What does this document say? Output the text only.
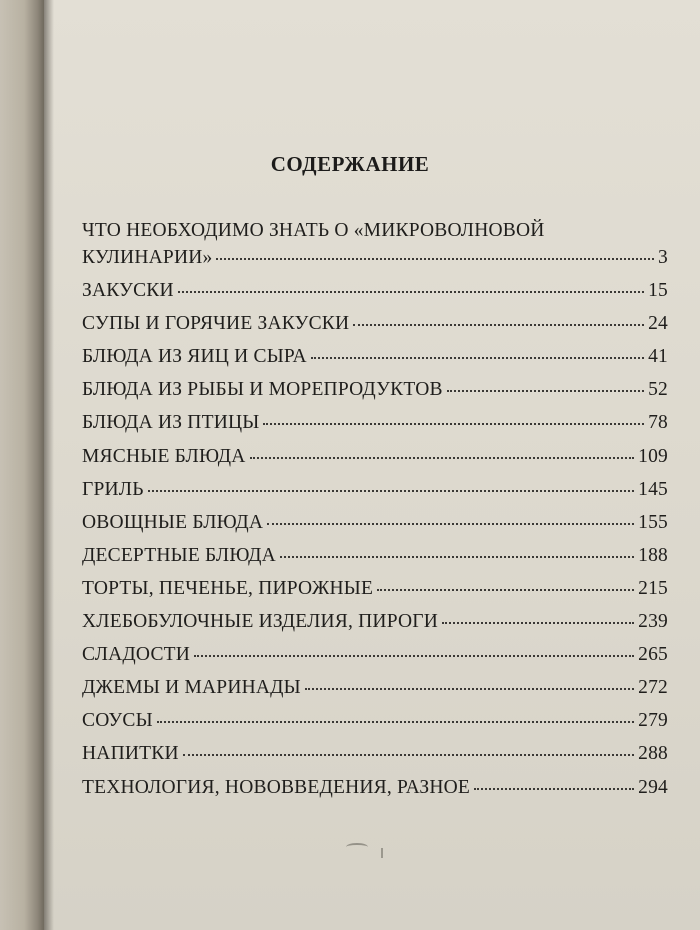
СОДЕРЖАНИЕ
ЧТО НЕОБХОДИМО ЗНАТЬ О «МИКРОВОЛНОВОЙ
КУЛИНАРИИ»	3
ЗАКУСКИ	15
СУПЫ И ГОРЯЧИЕ ЗАКУСКИ	24
БЛЮДА ИЗ ЯИЦ И СЫРА	41
БЛЮДА ИЗ РЫБЫ И МОРЕПРОДУКТОВ	52
БЛЮДА ИЗ ПТИЦЫ	78
МЯСНЫЕ БЛЮДА	109
ГРИЛЬ	145
ОВОЩНЫЕ БЛЮДА	155
ДЕСЕРТНЫЕ БЛЮДА	188
ТОРТЫ, ПЕЧЕНЬЕ, ПИРОЖНЫЕ	215
ХЛЕБОБУЛОЧНЫЕ ИЗДЕЛИЯ, ПИРОГИ	239
СЛАДОСТИ	265
ДЖЕМЫ И МАРИНАДЫ	272
СОУСЫ	279
НАПИТКИ	288
ТЕХНОЛОГИЯ, НОВОВВЕДЕНИЯ, РАЗНОЕ	294
